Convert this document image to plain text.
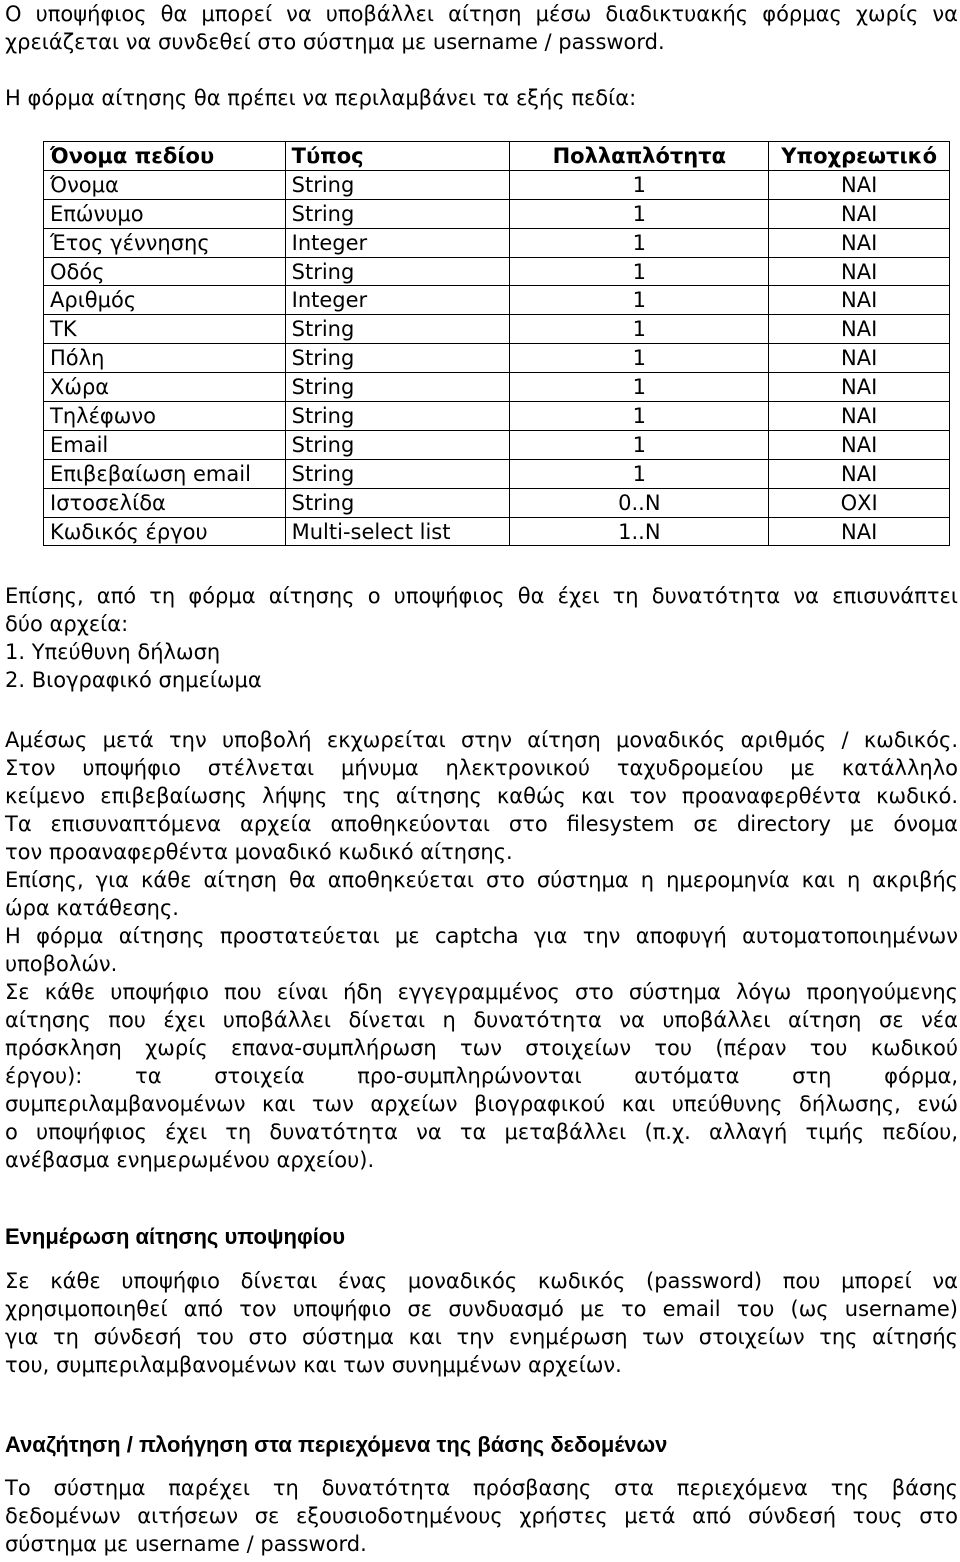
Ο υποψήφιος θα μπορεί να υποβάλλει αίτηση μέσω διαδικτυακής φόρμας χωρίς να
χρειάζεται να συνδεθεί στο σύστημα με username / password.
Η φόρμα αίτησης θα πρέπει να περιλαμβάνει τα εξής πεδία:
Όνομα πεδίου	Τύπος	Πολλαπλότητα	Υποχρεωτικό
Όνομα	String	1	ΝΑΙ
Επώνυμο	String	1	ΝΑΙ
Έτος γέννησης	Integer	1	ΝΑΙ
Οδός	String	1	ΝΑΙ
Αριθμός	Integer	1	ΝΑΙ
ΤΚ	String	1	ΝΑΙ
Πόλη	String	1	ΝΑΙ
Χώρα	String	1	ΝΑΙ
Τηλέφωνο	String	1	ΝΑΙ
Email	String	1	ΝΑΙ
Επιβεβαίωση email	String	1	ΝΑΙ
Ιστοσελίδα	String	0..N	ΟΧΙ
Κωδικός έργου	Multi-select list	1..N	ΝΑΙ
Επίσης, από τη φόρμα αίτησης ο υποψήφιος θα έχει τη δυνατότητα να επισυνάπτει
δύο αρχεία:
1. Υπεύθυνη δήλωση
2. Βιογραφικό σημείωμα
Αμέσως μετά την υποβολή εκχωρείται στην αίτηση μοναδικός αριθμός / κωδικός.
Στον υποψήφιο στέλνεται μήνυμα ηλεκτρονικού ταχυδρομείου με κατάλληλο
κείμενο επιβεβαίωσης λήψης της αίτησης καθώς και τον προαναφερθέντα κωδικό.
Τα επισυναπτόμενα αρχεία αποθηκεύονται στο filesystem σε directory με όνομα
τον προαναφερθέντα μοναδικό κωδικό αίτησης.
Επίσης, για κάθε αίτηση θα αποθηκεύεται στο σύστημα η ημερομηνία και η ακριβής
ώρα κατάθεσης.
Η φόρμα αίτησης προστατεύεται με captcha για την αποφυγή αυτοματοποιημένων
υποβολών.
Σε κάθε υποψήφιο που είναι ήδη εγγεγραμμένος στο σύστημα λόγω προηγούμενης
αίτησης που έχει υποβάλλει δίνεται η δυνατότητα να υποβάλλει αίτηση σε νέα
πρόσκληση χωρίς επανα-συμπλήρωση των στοιχείων του (πέραν του κωδικού
έργου): τα στοιχεία προ-συμπληρώνονται αυτόματα στη φόρμα,
συμπεριλαμβανομένων και των αρχείων βιογραφικού και υπεύθυνης δήλωσης, ενώ
ο υποψήφιος έχει τη δυνατότητα να τα μεταβάλλει (π.χ. αλλαγή τιμής πεδίου,
ανέβασμα ενημερωμένου αρχείου).
Ενημέρωση αίτησης υποψηφίου
Σε κάθε υποψήφιο δίνεται ένας μοναδικός κωδικός (password) που μπορεί να
χρησιμοποιηθεί από τον υποψήφιο σε συνδυασμό με το email του (ως username)
για τη σύνδεσή του στο σύστημα και την ενημέρωση των στοιχείων της αίτησής
του, συμπεριλαμβανομένων και των συνημμένων αρχείων.
Αναζήτηση / πλοήγηση στα περιεχόμενα της βάσης δεδομένων
Το σύστημα παρέχει τη δυνατότητα πρόσβασης στα περιεχόμενα της βάσης
δεδομένων αιτήσεων σε εξουσιοδοτημένους χρήστες μετά από σύνδεσή τους στο
σύστημα με username / password.
